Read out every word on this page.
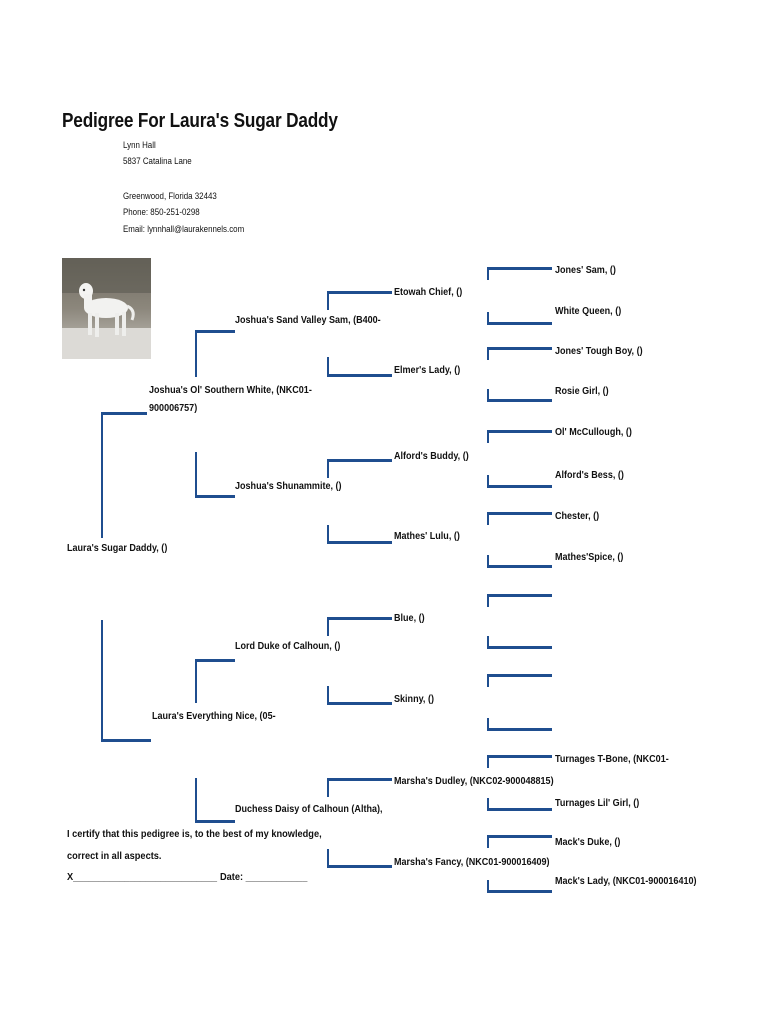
Pedigree For Laura's Sugar Daddy
Lynn Hall
5837 Catalina Lane
Greenwood, Florida 32443
Phone: 850-251-0298
Email: lynnhall@laurakennels.com
Laura's Sugar Daddy, ()
Joshua's Ol' Southern White, (NKC01-
900006757)
Laura's Everything Nice, (05-
Joshua's Sand Valley Sam, (B400-
Joshua's Shunammite, ()
Lord Duke of Calhoun, ()
Duchess Daisy of Calhoun (Altha),
Etowah Chief, ()
Elmer's Lady, ()
Alford's Buddy, ()
Mathes' Lulu, ()
Blue, ()
Skinny, ()
Marsha's Dudley, (NKC02-900048815)
Marsha's Fancy, (NKC01-900016409)
Jones' Sam, ()
White Queen, ()
Jones' Tough Boy, ()
Rosie Girl, ()
Ol' McCullough, ()
Alford's Bess, ()
Chester, ()
Mathes'Spice, ()
Turnages T-Bone, (NKC01-
Turnages Lil' Girl, ()
Mack's Duke, ()
Mack's Lady, (NKC01-900016410)
I certify that this pedigree is, to the best of my knowledge,
correct in all aspects.
X____________________________ Date: ____________
